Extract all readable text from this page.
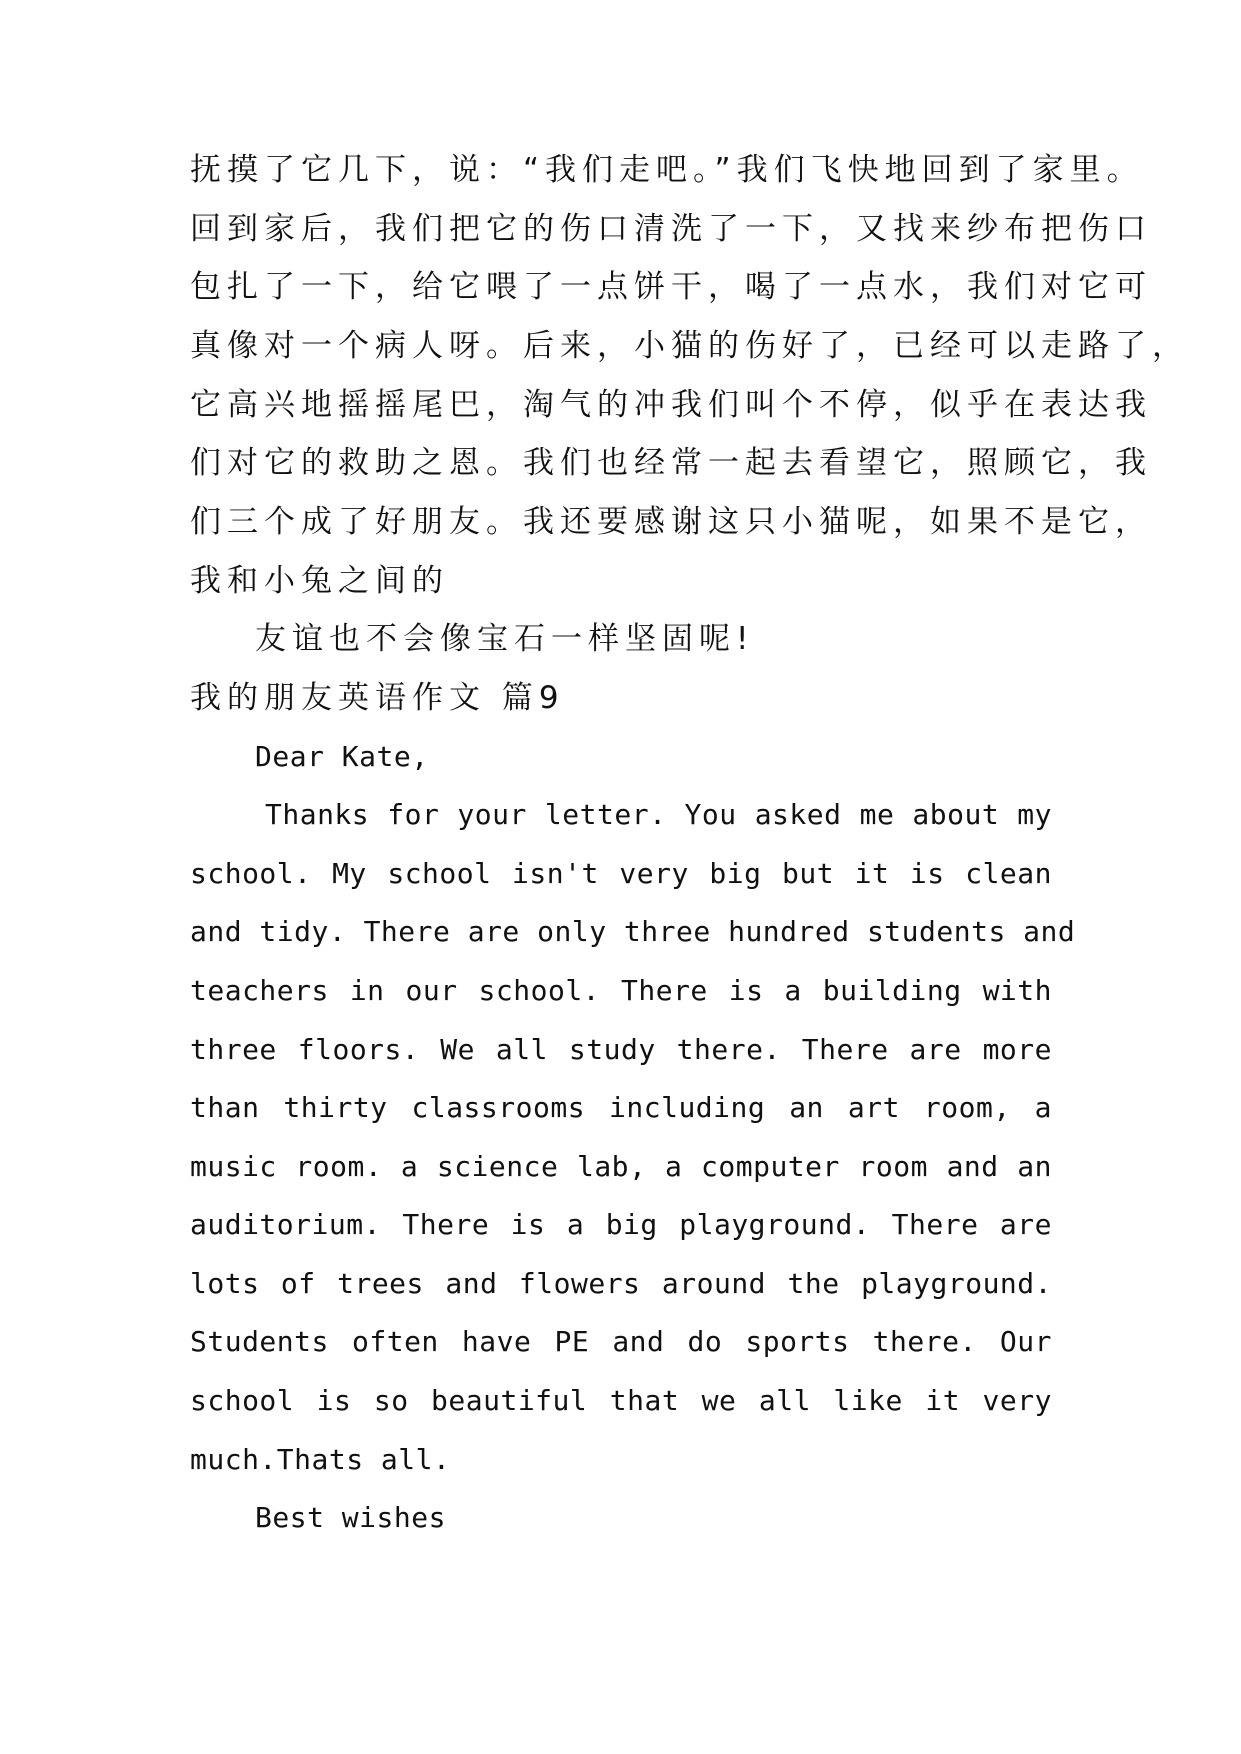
抚摸了它几下，说：“我们走吧。”我们飞快地回到了家里。
回到家后，我们把它的伤口清洗了一下，又找来纱布把伤口
包扎了一下，给它喂了一点饼干，喝了一点水，我们对它可
真像对一个病人呀。后来，小猫的伤好了，已经可以走路了，
它高兴地摇摇尾巴，淘气的冲我们叫个不停，似乎在表达我
们对它的救助之恩。我们也经常一起去看望它，照顾它，我
们三个成了好朋友。我还要感谢这只小猫呢，如果不是它，
我和小兔之间的
友谊也不会像宝石一样坚固呢!
我的朋友英语作文 篇9
Dear Kate,
Thanks for your letter. You asked me about my
school. My school isn't very big but it is clean
and tidy. There are only three hundred students and
teachers in our school. There is a building with
three floors. We all study there. There are more
than thirty classrooms including an art room, a
music room. a science lab, a computer room and an
auditorium. There is a big playground. There are
lots of trees and flowers around the playground.
Students often have PE and do sports there. Our
school is so beautiful that we all like it very
much.Thats all.
Best wishes
